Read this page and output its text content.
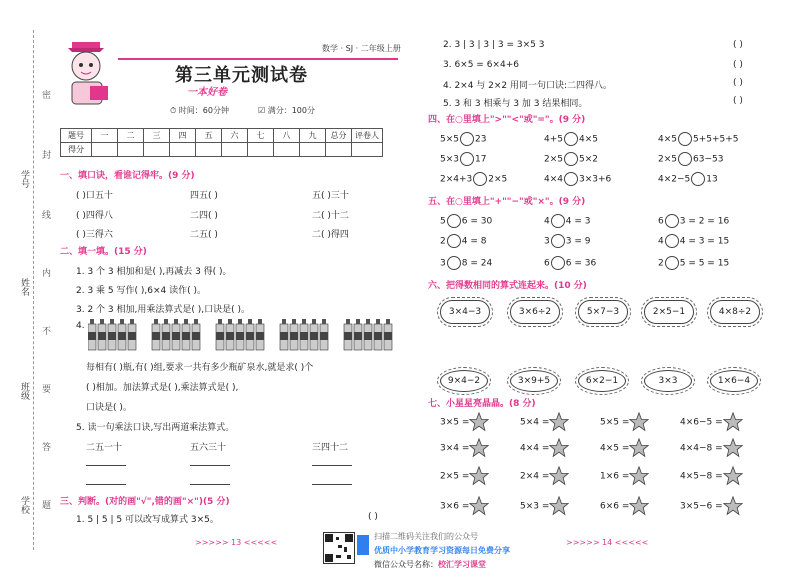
学号
姓名
班级
学校
密
封
线
内
不
要
答
题
数学 · SJ · 二年级上册
第三单元测试卷
一本好卷
⏱ 时间：60分钟	☑ 满分：100分
题号	一	二	三	四	五	六	七	八	九	总分	评卷人
得分											
一、填口诀，看谁记得牢。(9 分)
( )口五十	四五( )	五( )三十
( )四得八	二四( )	二( )十二
( )三得六	二五( )	二( )得四
二、填一填。(15 分)
1. 3 个 3 相加和是( ),再减去 3 得( )。
2. 3 乘 5 写作( ),6×4 读作( )。
3. 2 个 3 相加,用乘法算式是( ),口诀是( )。
4.
每相有( )瓶,有( )组,要求一共有多少瓶矿泉水,就是求( )个
( )相加。加法算式是( ),乘法算式是( ),
口诀是( )。
5. 读一句乘法口诀,写出两道乘法算式。
二五一十	五六三十	三四十二
三、判断。(对的画"√",错的画"×")(5 分)
1. 5 | 5 | 5 可以改写成算式 3×5。	( )
>>>>> 13 <<<<<
2. 3 | 3 | 3 | 3 = 3×5 3
3. 6×5 = 6×4+6
4. 2×4 与 2×2 用同一句口诀:二四得八。
5. 3 和 3 相乘与 3 加 3 结果相同。
( )
( )
( )
( )
四、在○里填上">""<"或"="。(9 分)
五、在○里填上"+""−"或"×"。(9 分)
六、把得数相同的算式连起来。(10 分)
七、小星星亮晶晶。(8 分)
>>>>> 14 <<<<<
扫描二维码关注我们的公众号
优质中小学教育学习资源每日免费分享
微信公众号名称：校汇学习课堂
5×5 23	4+5 4×5	4×5 5+5+5+5
5×3 17	2×5 5×2	2×5 63−53
2×4+3 2×5	4×4 3×3+6	4×2−5 13
5 6 = 30	4 4 = 3	6 3 = 2 = 16
2 4 = 8	3 3 = 9	4 4 = 3 = 15
3 8 = 24	6 6 = 36	2 5 = 5 = 15
3×4−3	3×6÷2	5×7−3	2×5−1	4×8÷2
9×4−2	3×9+5	6×2−1	3×3	1×6−4
3×5 =	5×4 =	5×5 =	4×6−5 =
3×4 =	4×4 =	4×5 =	4×4−8 =
2×5 =	2×4 =	1×6 =	4×5−8 =
3×6 =	5×3 =	6×6 =	3×5−6 =
